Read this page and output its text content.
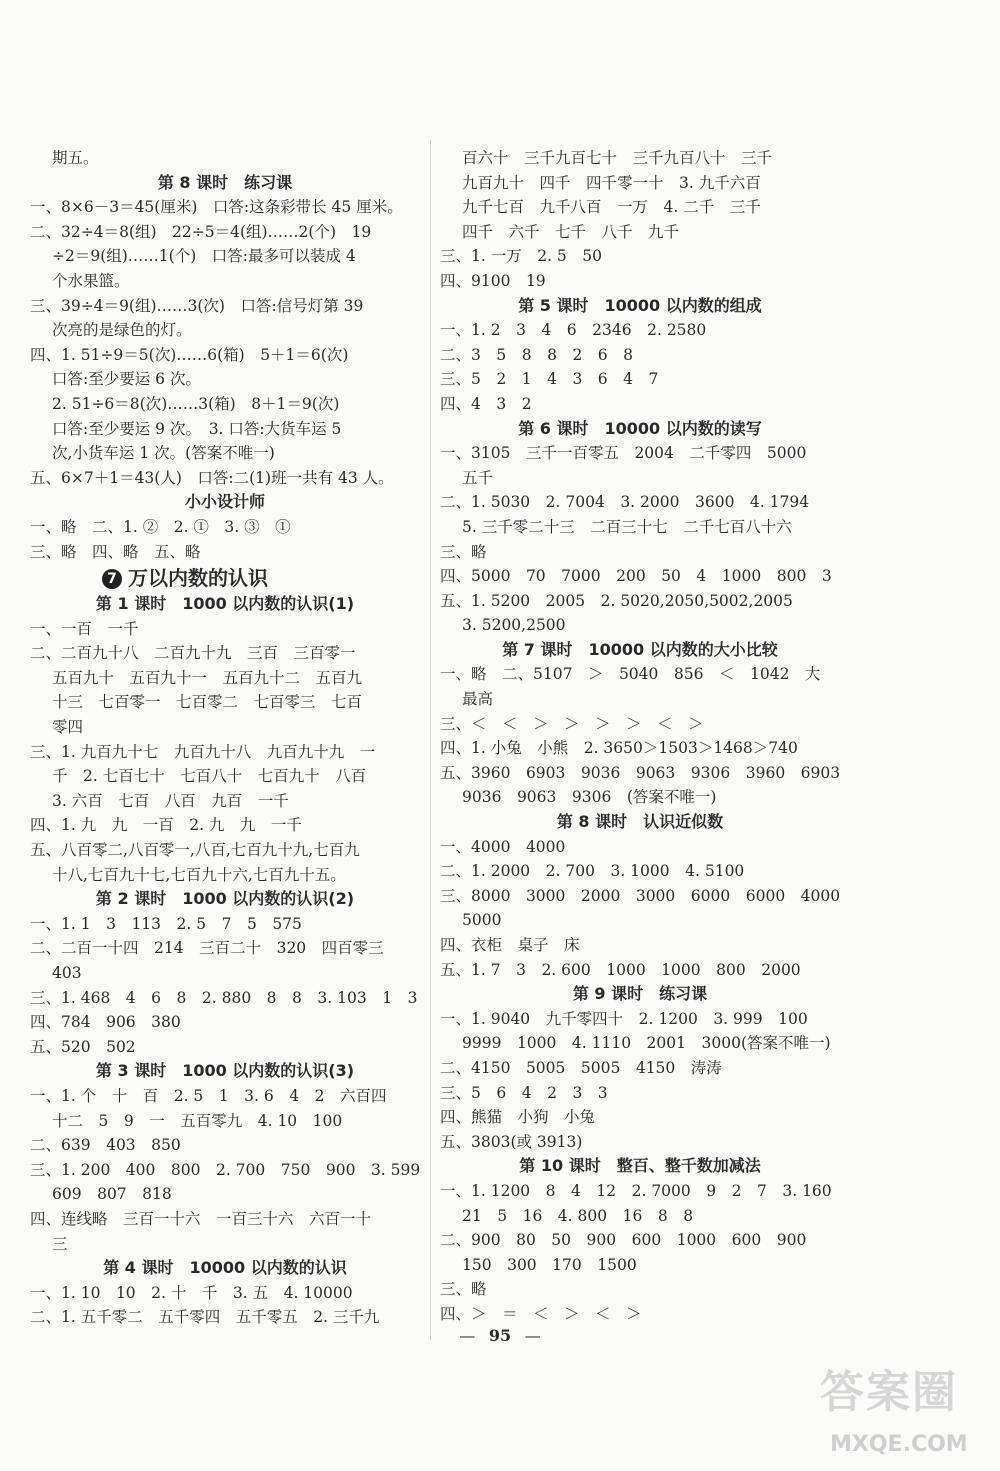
期五。
第 8 课时　练习课
一、8×6－3＝45(厘米)　口答:这条彩带长 45 厘米。
二、32÷4＝8(组)　22÷5＝4(组)……2(个)　19
÷2＝9(组)……1(个)　口答:最多可以装成 4
个水果篮。
三、39÷4＝9(组)……3(次)　口答:信号灯第 39
次亮的是绿色的灯。
四、1. 51÷9＝5(次)……6(箱)　5＋1＝6(次)
口答:至少要运 6 次。
2. 51÷6＝8(次)……3(箱)　8＋1＝9(次)
口答:至少要运 9 次。　3. 口答:大货车运 5
次,小货车运 1 次。(答案不唯一)
五、6×7＋1＝43(人)　口答:二(1)班一共有 43 人。
小小设计师
一、略　二、1. ②　2. ①　3. ③　①
三、略　四、略　五、略
7 万以内数的认识
第 1 课时　1000 以内数的认识(1)
一、一百　一千
二、二百九十八　二百九十九　三百　三百零一
五百九十　五百九十一　五百九十二　五百九
十三　七百零一　七百零二　七百零三　七百
零四
三、1. 九百九十七　九百九十八　九百九十九　一
千　2. 七百七十　七百八十　七百九十　八百
3. 六百　七百　八百　九百　一千
四、1. 九　九　一百　2. 九　九　一千
五、八百零二,八百零一,八百,七百九十九,七百九
十八,七百九十七,七百九十六,七百九十五。
第 2 课时　1000 以内数的认识(2)
一、1. 1　3　113　2. 5　7　5　575
二、二百一十四　214　三百二十　320　四百零三
403
三、1. 468　4　6　8　2. 880　8　8　3. 103　1　3
四、784　906　380
五、520　502
第 3 课时　1000 以内数的认识(3)
一、1. 个　十　百　2. 5　1　3. 6　4　2　六百四
十二　5　9　一　五百零九　4. 10　100
二、639　403　850
三、1. 200　400　800　2. 700　750　900　3. 599
609　807　818
四、连线略　三百一十六　一百三十六　六百一十
三
第 4 课时　10000 以内数的认识
一、1. 10　10　2. 十　千　3. 五　4. 10000
二、1. 五千零二　五千零四　五千零五　2. 三千九
百六十　三千九百七十　三千九百八十　三千
九百九十　四千　四千零一十　3. 九千六百
九千七百　九千八百　一万　4. 二千　三千
四千　六千　七千　八千　九千
三、1. 一万　2. 5　50
四、9100　19
第 5 课时　10000 以内数的组成
一、1. 2　3　4　6　2346　2. 2580
二、3　5　8　8　2　6　8
三、5　2　1　4　3　6　4　7
四、4　3　2
第 6 课时　10000 以内数的读写
一、3105　三千一百零五　2004　二千零四　5000
五千
二、1. 5030　2. 7004　3. 2000　3600　4. 1794
5. 三千零二十三　二百三十七　二千七百八十六
三、略
四、5000　70　7000　200　50　4　1000　800　3
五、1. 5200　2005　2. 5020,2050,5002,2005
3. 5200,2500
第 7 课时　10000 以内数的大小比较
一、略　二、5107　＞　5040　856　＜　1042　大
最高
三、＜　＜　＞　＞　＞　＞　＜　＞
四、1. 小兔　小熊　2. 3650＞1503＞1468＞740
五、3960　6903　9036　9063　9306　3960　6903
9036　9063　9306　(答案不唯一)
第 8 课时　认识近似数
一、4000　4000
二、1. 2000　2. 700　3. 1000　4. 5100
三、8000　3000　2000　3000　6000　6000　4000
5000
四、衣柜　桌子　床
五、1. 7　3　2. 600　1000　1000　800　2000
第 9 课时　练习课
一、1. 9040　九千零四十　2. 1200　3. 999　100
9999　1000　4. 1110　2001　3000(答案不唯一)
二、4150　5005　5005　4150　涛涛
三、5　6　4　2　3　3
四、熊猫　小狗　小兔
五、3803(或 3913)
第 10 课时　整百、整千数加减法
一、1. 1200　8　4　12　2. 7000　9　2　7　3. 160
21　5　16　4. 800　16　8　8
二、900　80　50　900　600　1000　600　900
150　300　170　1500
三、略
四、＞　＝　＜　＞　＜　＞
— 95 —
答案圈
MXQE.COM
